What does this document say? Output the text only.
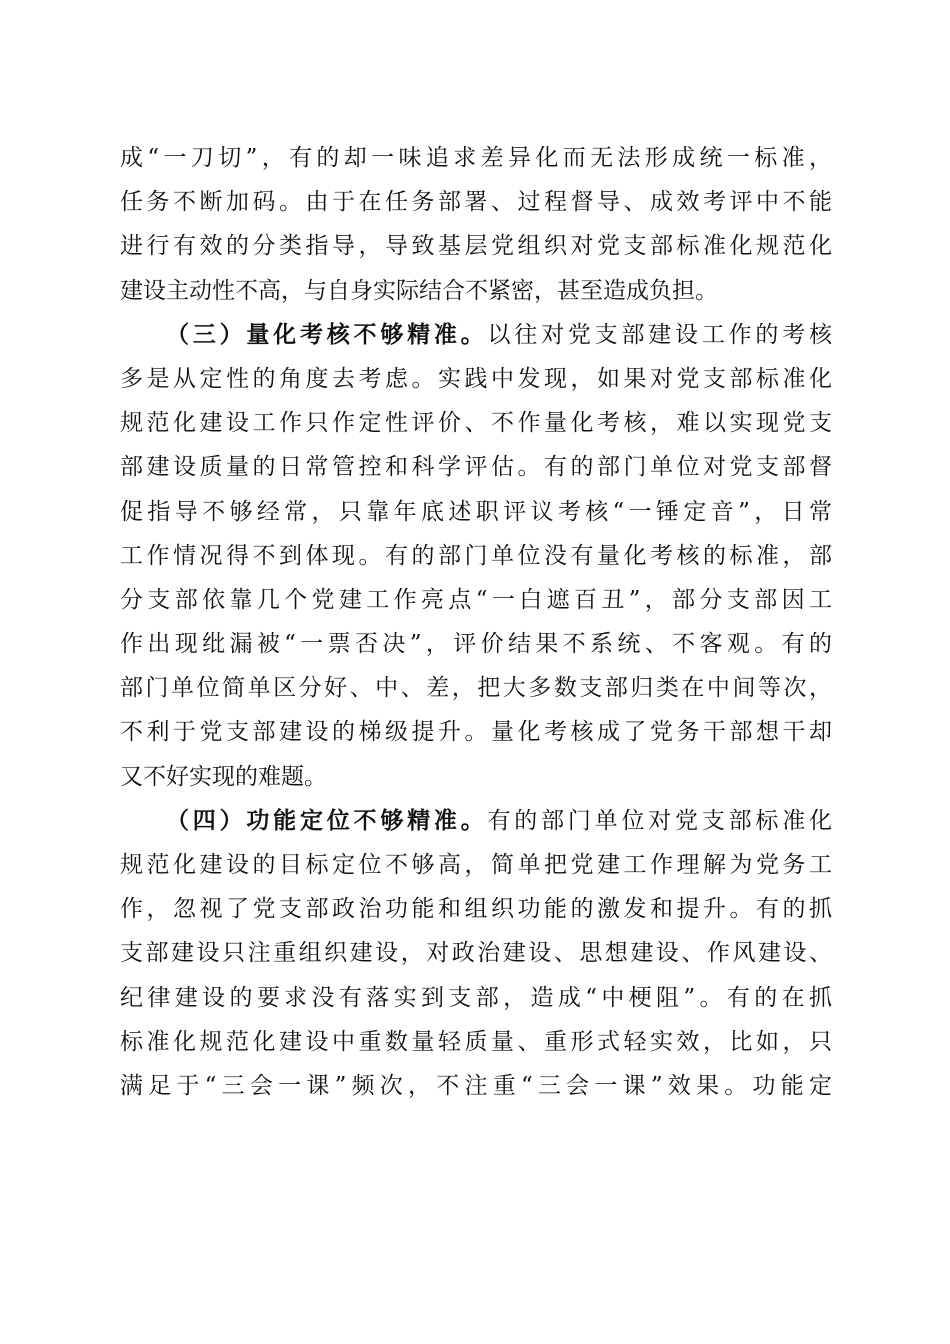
成“一刀切”，有的却一味追求差异化而无法形成统一标准，
任务不断加码。由于在任务部署、过程督导、成效考评中不能
进行有效的分类指导，导致基层党组织对党支部标准化规范化
建设主动性不高，与自身实际结合不紧密，甚至造成负担。
（三）量化考核不够精准。以往对党支部建设工作的考核
多是从定性的角度去考虑。实践中发现，如果对党支部标准化
规范化建设工作只作定性评价、不作量化考核，难以实现党支
部建设质量的日常管控和科学评估。有的部门单位对党支部督
促指导不够经常，只靠年底述职评议考核“一锤定音”，日常
工作情况得不到体现。有的部门单位没有量化考核的标准，部
分支部依靠几个党建工作亮点“一白遮百丑”，部分支部因工
作出现纰漏被“一票否决”，评价结果不系统、不客观。有的
部门单位简单区分好、中、差，把大多数支部归类在中间等次，
不利于党支部建设的梯级提升。量化考核成了党务干部想干却
又不好实现的难题。
（四）功能定位不够精准。有的部门单位对党支部标准化
规范化建设的目标定位不够高，简单把党建工作理解为党务工
作，忽视了党支部政治功能和组织功能的激发和提升。有的抓
支部建设只注重组织建设，对政治建设、思想建设、作风建设、
纪律建设的要求没有落实到支部，造成“中梗阻”。有的在抓
标准化规范化建设中重数量轻质量、重形式轻实效，比如，只
满足于“三会一课”频次，不注重“三会一课”效果。功能定
